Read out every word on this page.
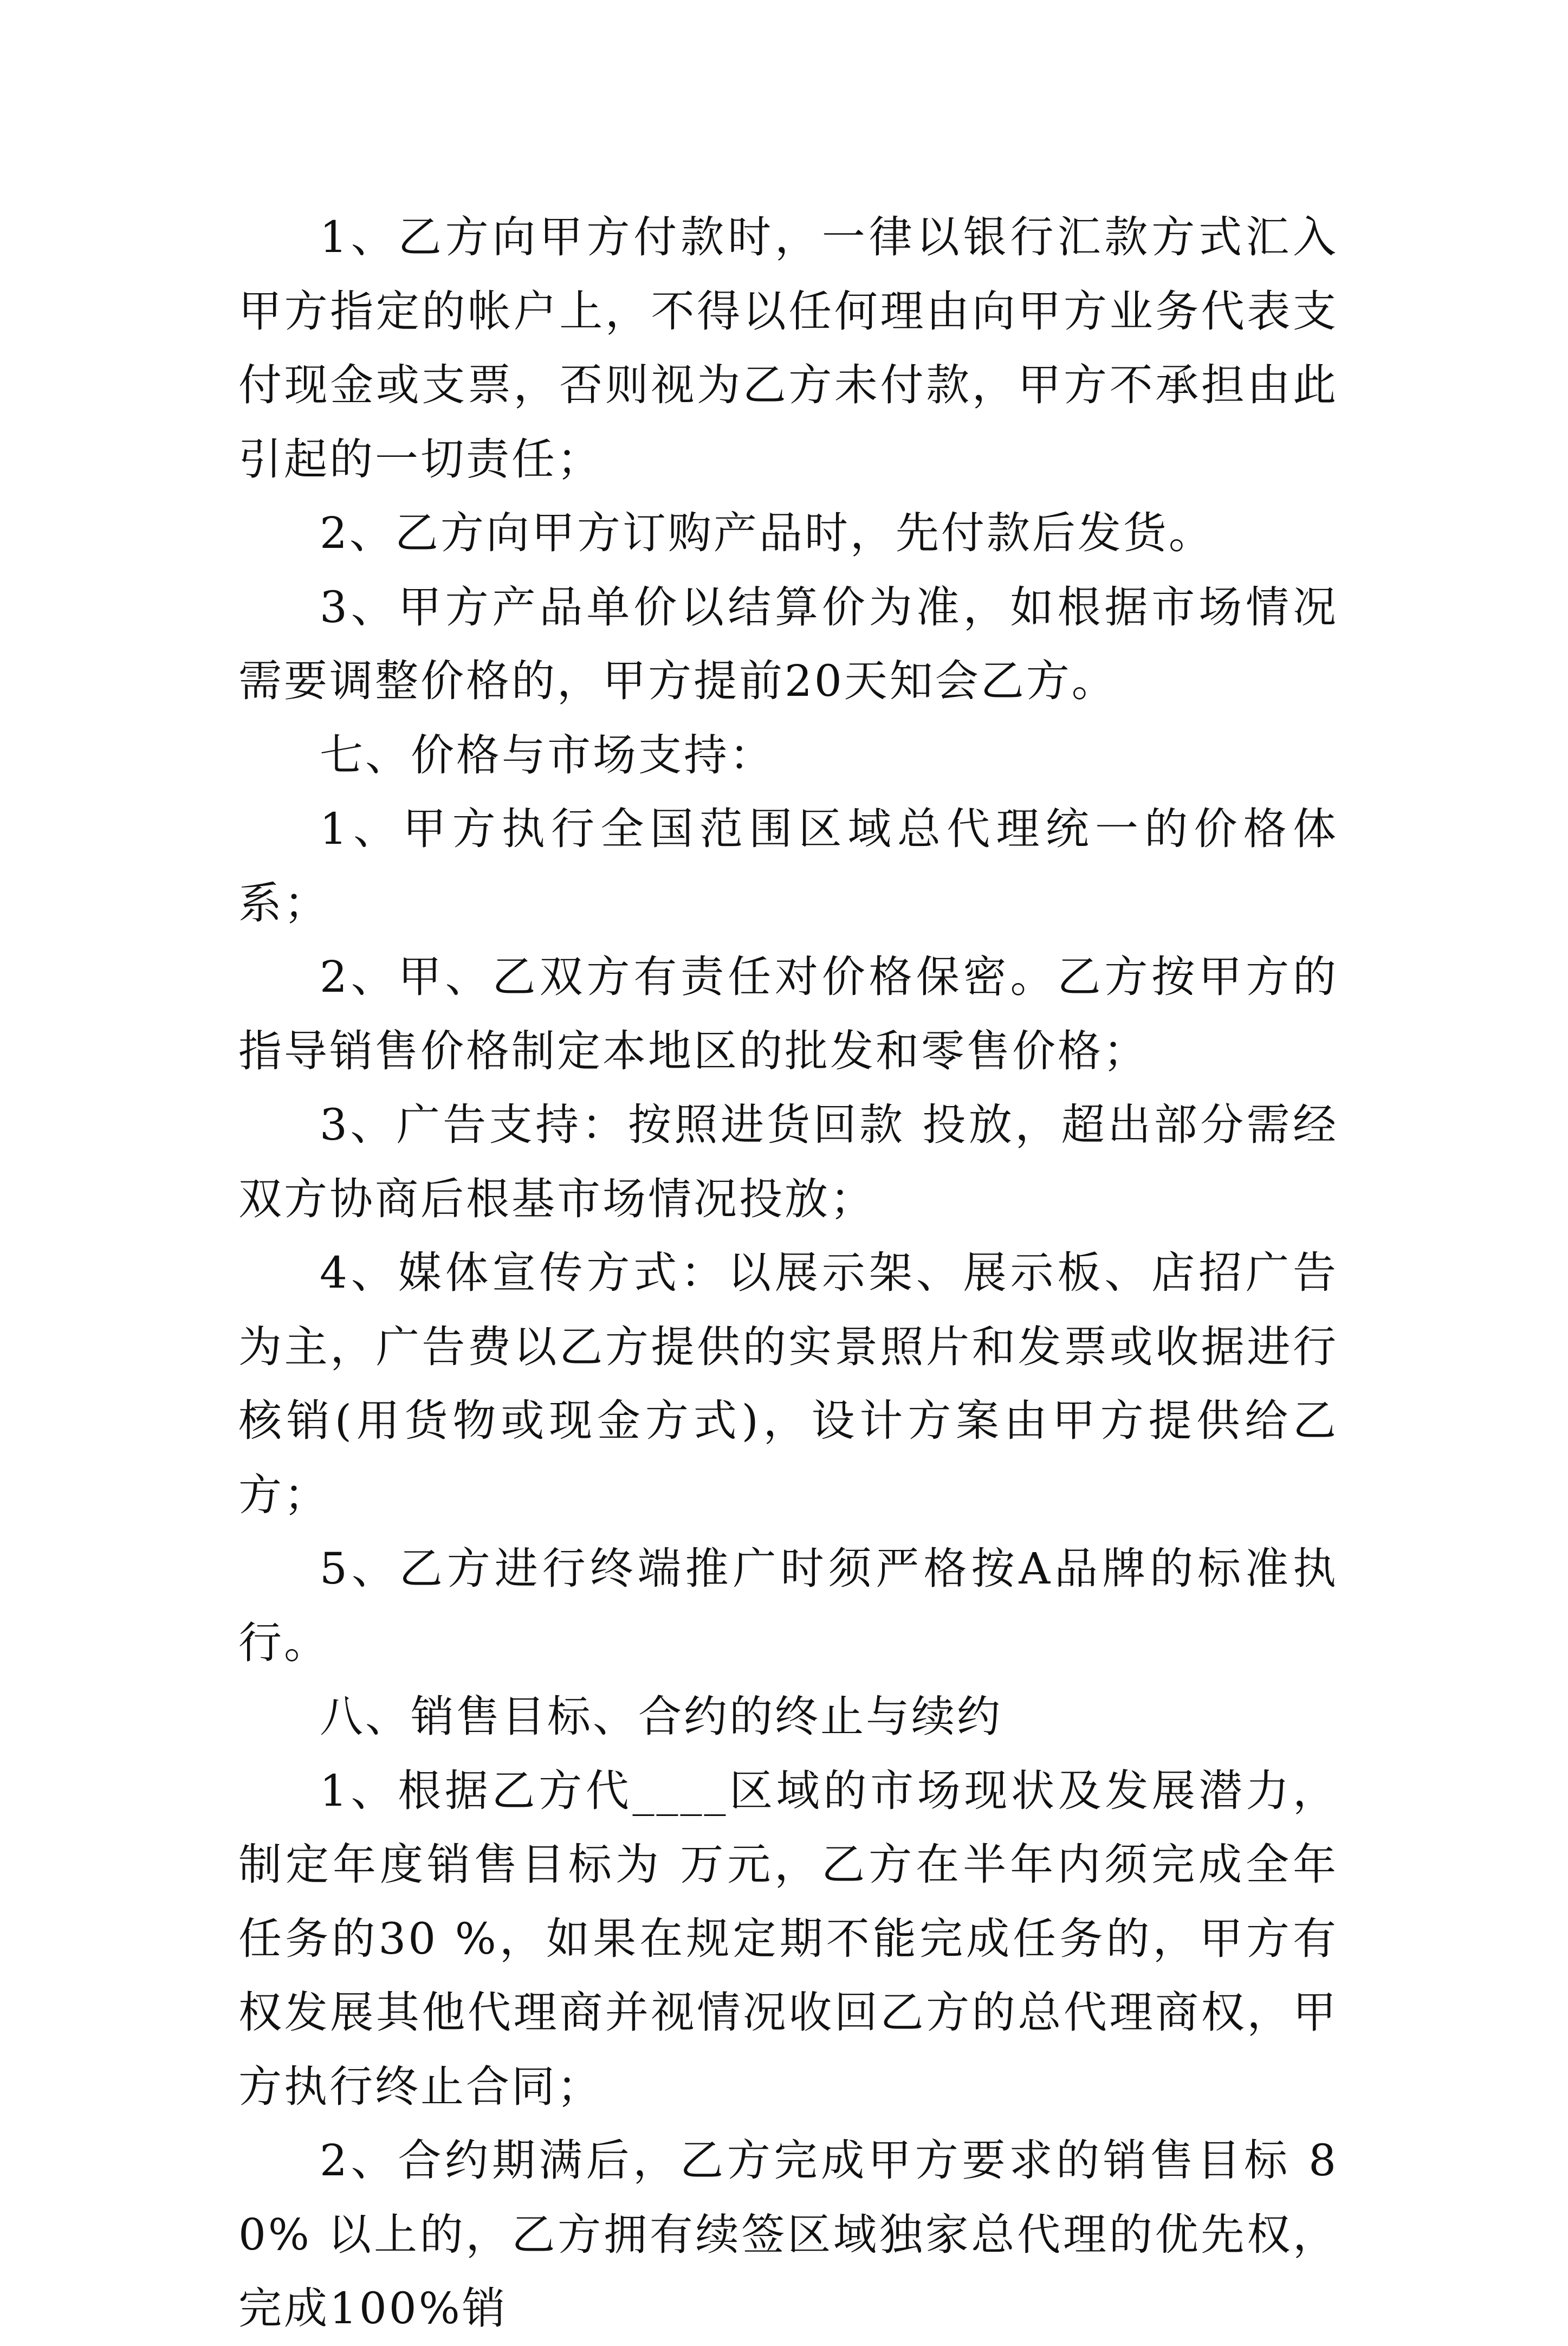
1、乙方向甲方付款时，一律以银行汇款方式汇入甲方指定的帐户上，不得以任何理由向甲方业务代表支付现金或支票，否则视为乙方未付款，甲方不承担由此引起的一切责任；

2、乙方向甲方订购产品时，先付款后发货。

3、甲方产品单价以结算价为准，如根据市场情况需要调整价格的，甲方提前20天知会乙方。

七、价格与市场支持：

1、甲方执行全国范围区域总代理统一的价格体系；

2、甲、乙双方有责任对价格保密。乙方按甲方的指导销售价格制定本地区的批发和零售价格；

3、广告支持：按照进货回款 投放，超出部分需经双方协商后根基市场情况投放；

4、媒体宣传方式：以展示架、展示板、店招广告为主，广告费以乙方提供的实景照片和发票或收据进行核销(用货物或现金方式)，设计方案由甲方提供给乙方；

5、乙方进行终端推广时须严格按A品牌的标准执行。

八、销售目标、合约的终止与续约

1、根据乙方代____区域的市场现状及发展潜力，制定年度销售目标为 万元，乙方在半年内须完成全年任务的30 %，如果在规定期不能完成任务的，甲方有权发展其他代理商并视情况收回乙方的总代理商权，甲方执行终止合同；

2、合约期满后，乙方完成甲方要求的销售目标 80% 以上的，乙方拥有续签区域独家总代理的优先权，完成100%销
